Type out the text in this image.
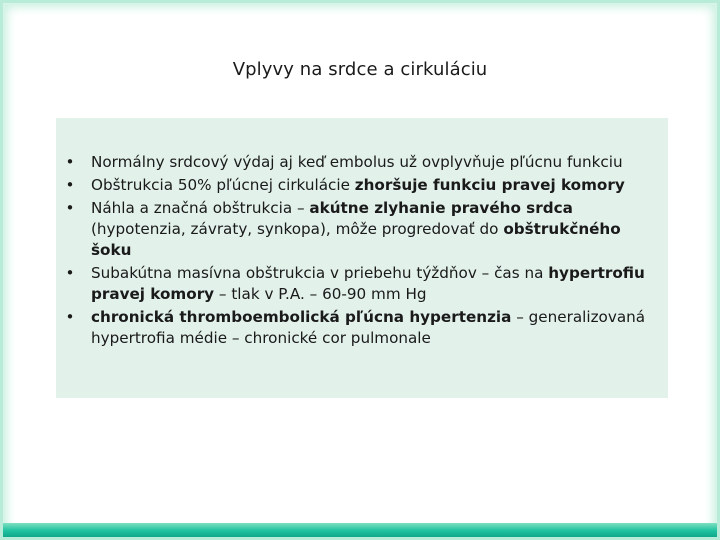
Vplyvy na srdce a cirkuláciu
•	Normálny srdcový výdaj aj keď embolus už ovplyvňuje pľúcnu funkciu
•	Obštrukcia 50% pľúcnej cirkulácie zhoršuje funkciu pravej komory
•	Náhla a značná obštrukcia – akútne zlyhanie pravého srdca (hypotenzia, závraty, synkopa), môže progredovať do obštrukčného šoku
•	Subakútna masívna obštrukcia v priebehu týždňov – čas na hypertrofiu pravej komory – tlak v P.A. – 60-90 mm Hg
•	chronická thromboembolická pľúcna hypertenzia – generalizovaná hypertrofia médie – chronické cor pulmonale
